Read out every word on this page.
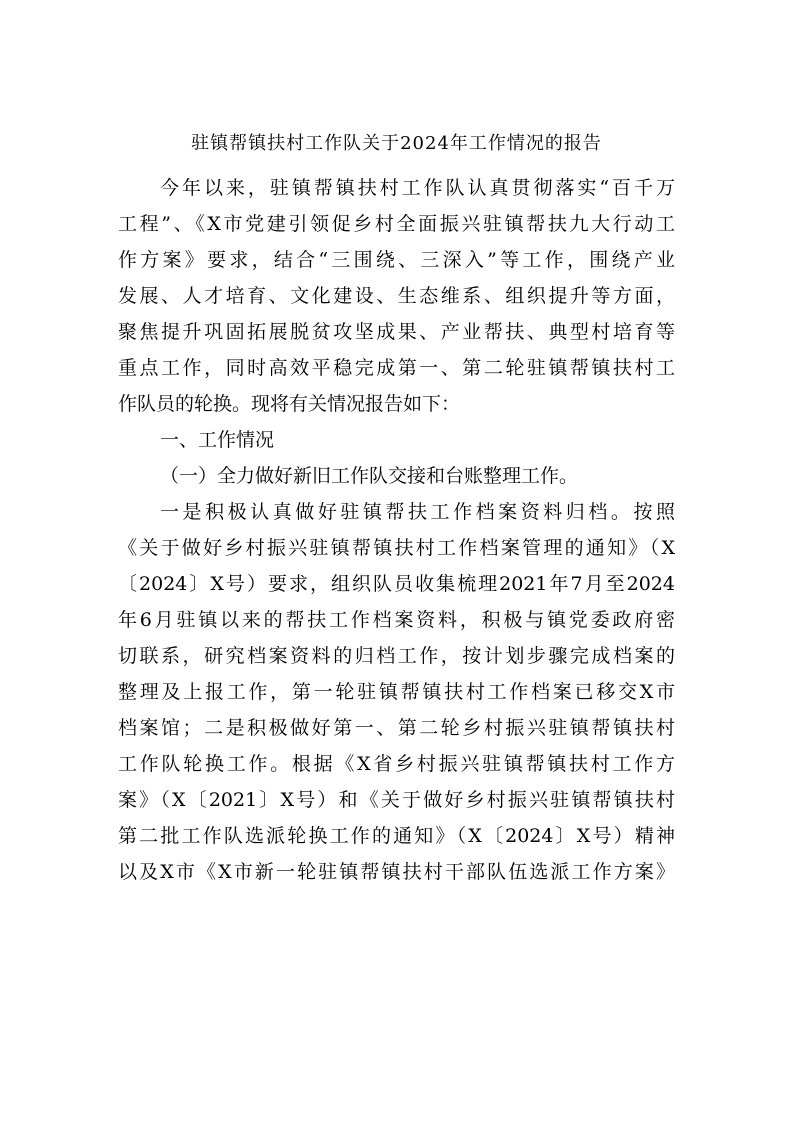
驻镇帮镇扶村工作队关于2024年工作情况的报告
今年以来，驻镇帮镇扶村工作队认真贯彻落实“百千万
工程”、《X市党建引领促乡村全面振兴驻镇帮扶九大行动工
作方案》要求，结合“三围绕、三深入”等工作，围绕产业
发展、人才培育、文化建设、生态维系、组织提升等方面，
聚焦提升巩固拓展脱贫攻坚成果、产业帮扶、典型村培育等
重点工作，同时高效平稳完成第一、第二轮驻镇帮镇扶村工
作队员的轮换。现将有关情况报告如下：
一、工作情况
（一）全力做好新旧工作队交接和台账整理工作。
一是积极认真做好驻镇帮扶工作档案资料归档。按照
《关于做好乡村振兴驻镇帮镇扶村工作档案管理的通知》（X
〔2024〕X号）要求，组织队员收集梳理2021年7月至2024
年6月驻镇以来的帮扶工作档案资料，积极与镇党委政府密
切联系，研究档案资料的归档工作，按计划步骤完成档案的
整理及上报工作，第一轮驻镇帮镇扶村工作档案已移交X市
档案馆；二是积极做好第一、第二轮乡村振兴驻镇帮镇扶村
工作队轮换工作。根据《X省乡村振兴驻镇帮镇扶村工作方
案》（X〔2021〕X号）和《关于做好乡村振兴驻镇帮镇扶村
第二批工作队选派轮换工作的通知》（X〔2024〕X号）精神
以及X市《X市新一轮驻镇帮镇扶村干部队伍选派工作方案》
